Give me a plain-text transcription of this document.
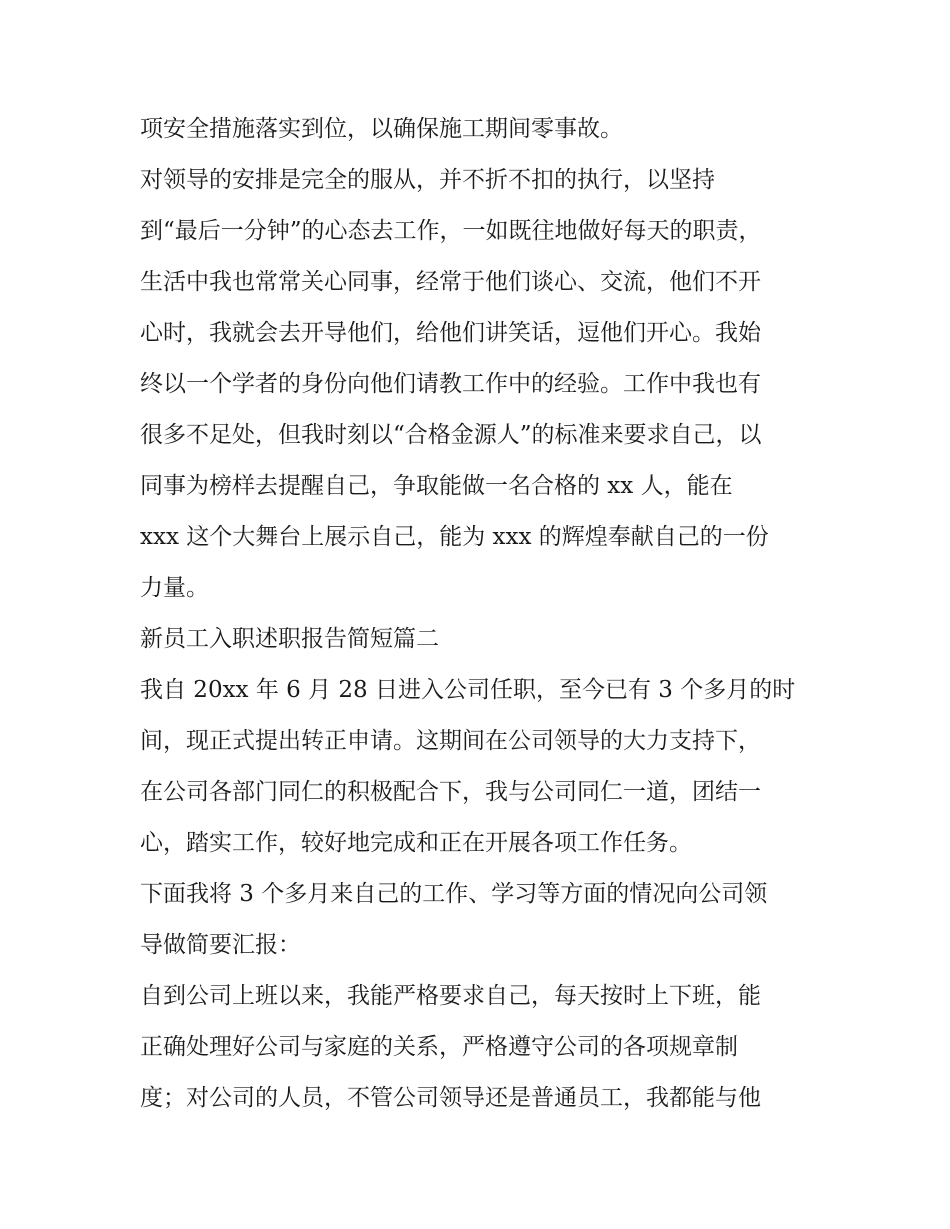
项安全措施落实到位，以确保施工期间零事故。
对领导的安排是完全的服从，并不折不扣的执行，以坚持
到“最后一分钟”的心态去工作，一如既往地做好每天的职责，
生活中我也常常关心同事，经常于他们谈心、交流，他们不开
心时，我就会去开导他们，给他们讲笑话，逗他们开心。我始
终以一个学者的身份向他们请教工作中的经验。工作中我也有
很多不足处，但我时刻以“合格金源人”的标准来要求自己，以
同事为榜样去提醒自己，争取能做一名合格的 xx 人，能在
xxx 这个大舞台上展示自己，能为 xxx 的辉煌奉献自己的一份
力量。
新员工入职述职报告简短篇二
我自 20xx 年 6 月 28 日进入公司任职，至今已有 3 个多月的时
间，现正式提出转正申请。这期间在公司领导的大力支持下，
在公司各部门同仁的积极配合下，我与公司同仁一道，团结一
心，踏实工作，较好地完成和正在开展各项工作任务。
下面我将 3 个多月来自己的工作、学习等方面的情况向公司领
导做简要汇报：
自到公司上班以来，我能严格要求自己，每天按时上下班，能
正确处理好公司与家庭的关系，严格遵守公司的各项规章制
度；对公司的人员，不管公司领导还是普通员工，我都能与他
